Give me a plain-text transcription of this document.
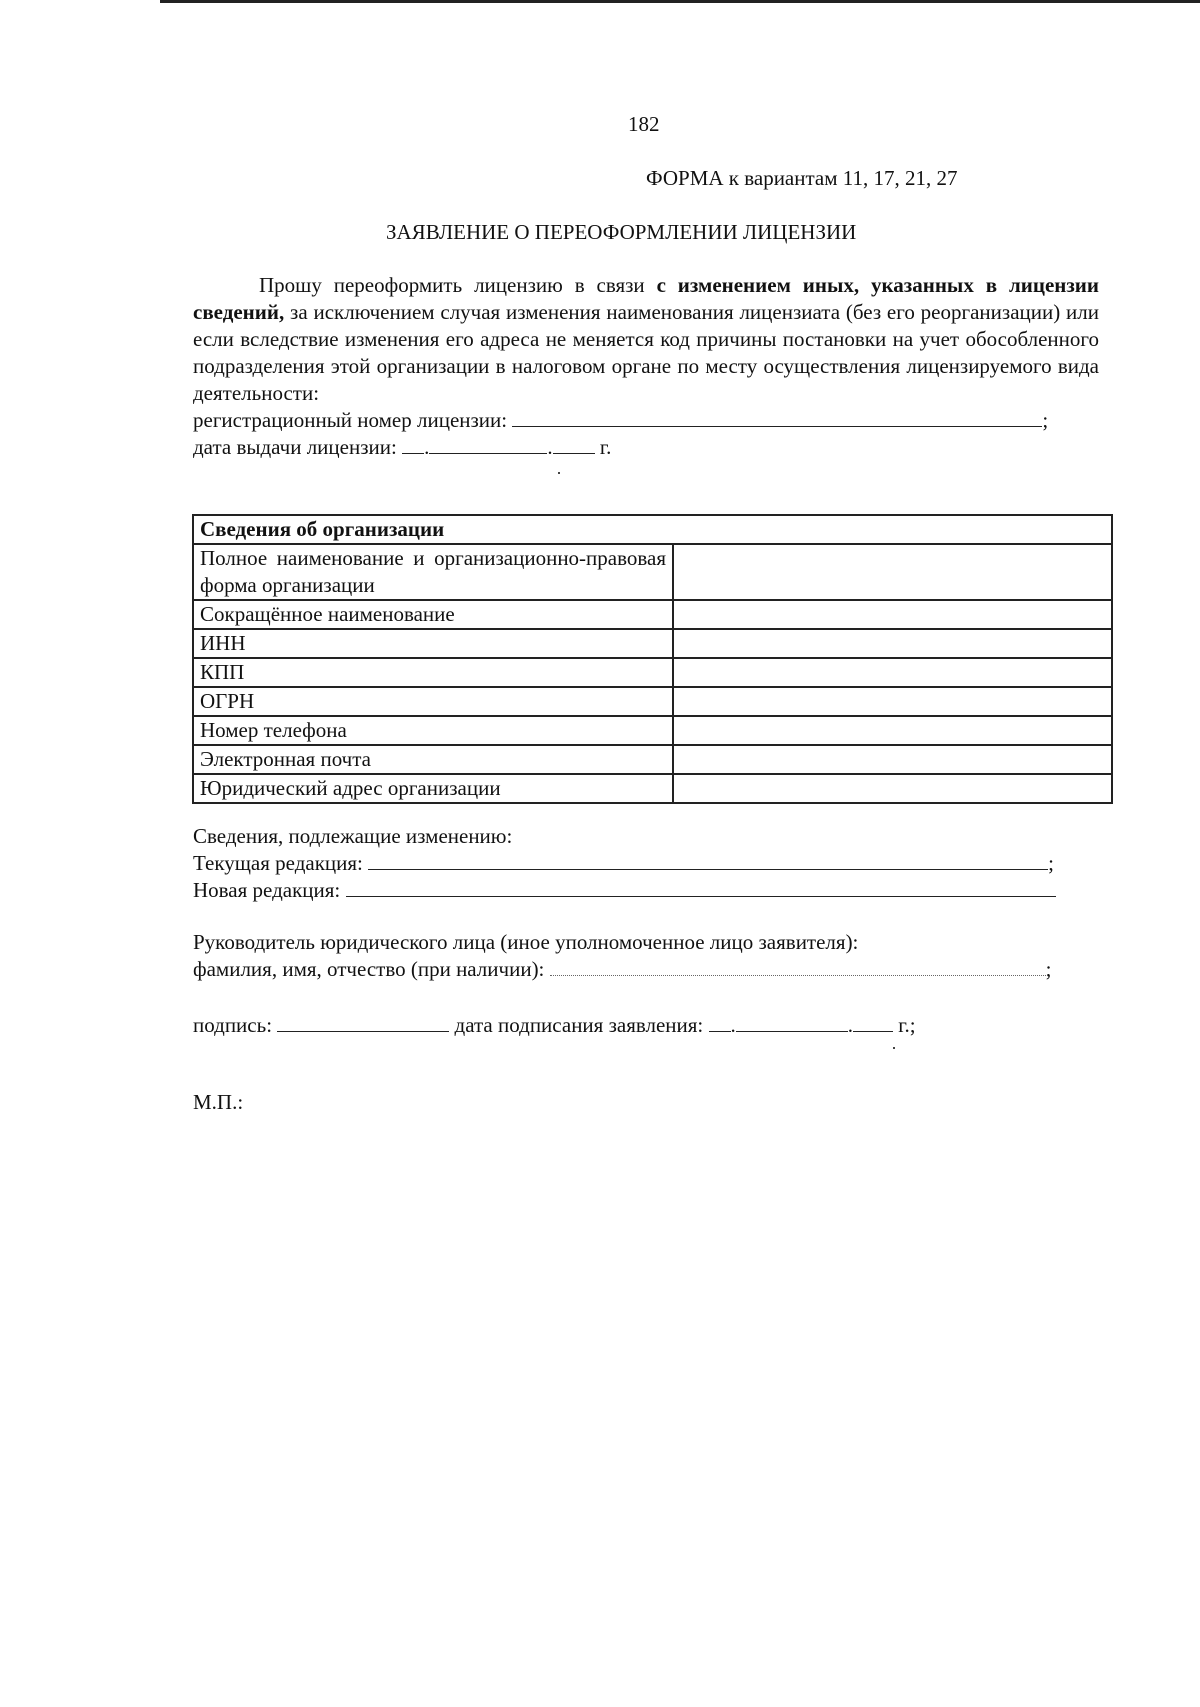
182
ФОРМА к вариантам 11, 17, 21, 27
ЗАЯВЛЕНИЕ О ПЕРЕОФОРМЛЕНИИ ЛИЦЕНЗИИ
Прошу переоформить лицензию в связи с изменением иных, указанных в лицензии сведений, за исключением случая изменения наименования лицензиата (без его реорганизации) или если вследствие изменения его адреса не меняется код причины постановки на учет обособленного подразделения этой организации в налоговом органе по месту осуществления лицензируемого вида деятельности:
регистрационный номер лицензии:	;
дата выдачи лицензии: .	. г.
Сведения об организации	
Полное наименование и организационно-правовая форма организации	
Сокращённое наименование	
ИНН	
КПП	
ОГРН	
Номер телефона	
Электронная почта	
Юридический адрес организации	
Сведения, подлежащие изменению:
Текущая редакция:	;
Новая редакция:
Руководитель юридического лица (иное уполномоченное лицо заявителя):
фамилия, имя, отчество (при наличии):	;
подпись:	дата подписания заявления: .	. г.;
М.П.:
